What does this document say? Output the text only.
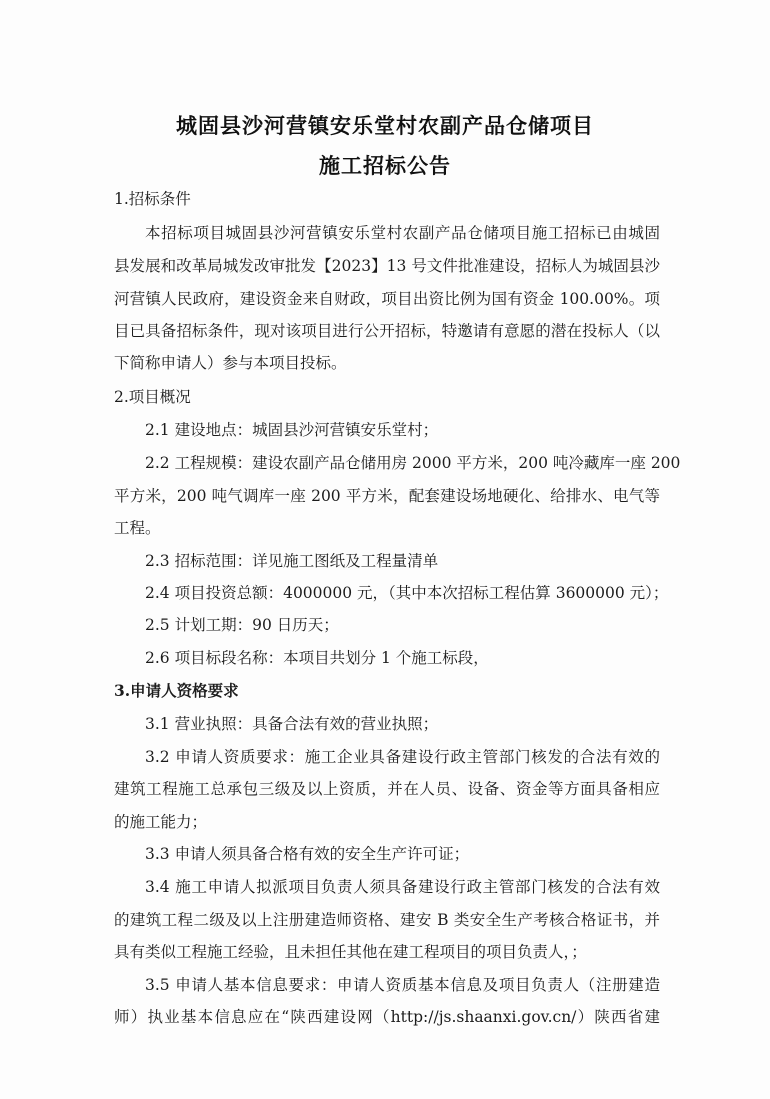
城固县沙河营镇安乐堂村农副产品仓储项目
施工招标公告
1.招标条件
本招标项目城固县沙河营镇安乐堂村农副产品仓储项目施工招标已由城固
县发展和改革局城发改审批发【2023】13 号文件批准建设，招标人为城固县沙
河营镇人民政府，建设资金来自财政，项目出资比例为国有资金 100.00%。项
目已具备招标条件，现对该项目进行公开招标，特邀请有意愿的潜在投标人（以
下简称申请人）参与本项目投标。
2.项目概况
2.1 建设地点：城固县沙河营镇安乐堂村；
2.2 工程规模：建设农副产品仓储用房 2000 平方米，200 吨冷藏库一座 200
平方米，200 吨气调库一座 200 平方米，配套建设场地硬化、给排水、电气等
工程。
2.3 招标范围：详见施工图纸及工程量清单
2.4 项目投资总额：4000000 元，（其中本次招标工程估算 3600000 元）；
2.5 计划工期：90 日历天；
2.6 项目标段名称：本项目共划分 1 个施工标段，
3.申请人资格要求
3.1 营业执照：具备合法有效的营业执照；
3.2 申请人资质要求：施工企业具备建设行政主管部门核发的合法有效的
建筑工程施工总承包三级及以上资质，并在人员、设备、资金等方面具备相应
的施工能力；
3.3 申请人须具备合格有效的安全生产许可证；
3.4 施工申请人拟派项目负责人须具备建设行政主管部门核发的合法有效
的建筑工程二级及以上注册建造师资格、建安 B 类安全生产考核合格证书，并
具有类似工程施工经验，且未担任其他在建工程项目的项目负责人，；
3.5 申请人基本信息要求：申请人资质基本信息及项目负责人（注册建造
师）执业基本信息应在“陕西建设网（http://js.shaanxi.gov.cn/）陕西省建
